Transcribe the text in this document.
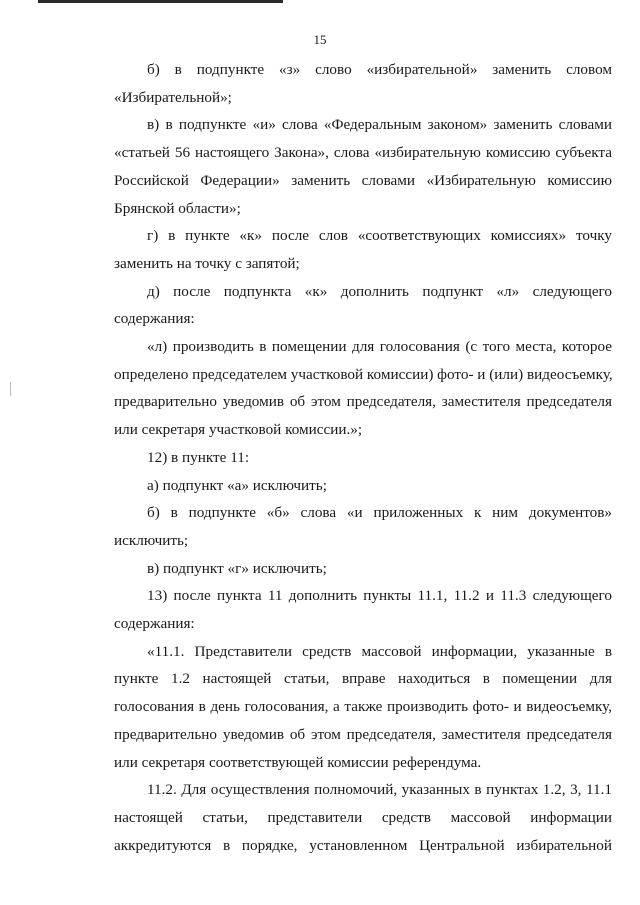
15

б) в подпункте «з» слово «избирательной» заменить словом
«Избирательной»;

в) в подпункте «и» слова «Федеральным законом» заменить словами
«статьей 56 настоящего Закона», слова «избирательную комиссию субъекта
Российской Федерации» заменить словами «Избирательную комиссию
Брянской области»;

г) в пункте «к» после слов «соответствующих комиссиях» точку
заменить на точку с запятой;

д) после подпункта «к» дополнить подпункт «л» следующего
содержания:

«л) производить в помещении для голосования (с того места, которое
определено председателем участковой комиссии) фото- и (или) видеосъемку,
предварительно уведомив об этом председателя, заместителя председателя
или секретаря участковой комиссии.»;

12) в пункте 11:

а) подпункт «а» исключить;

б) в подпункте «б» слова «и приложенных к ним документов»
исключить;

в) подпункт «г» исключить;

13) после пункта 11 дополнить пункты 11.1, 11.2 и 11.3 следующего
содержания:

«11.1. Представители средств массовой информации, указанные в
пункте 1.2 настоящей статьи, вправе находиться в помещении для
голосования в день голосования, а также производить фото- и видеосъемку,
предварительно уведомив об этом председателя, заместителя председателя
или секретаря соответствующей комиссии референдума.

11.2. Для осуществления полномочий, указанных в пунктах 1.2, 3, 11.1
настоящей статьи, представители средств массовой информации
аккредитуются в порядке, установленном Центральной избирательной
